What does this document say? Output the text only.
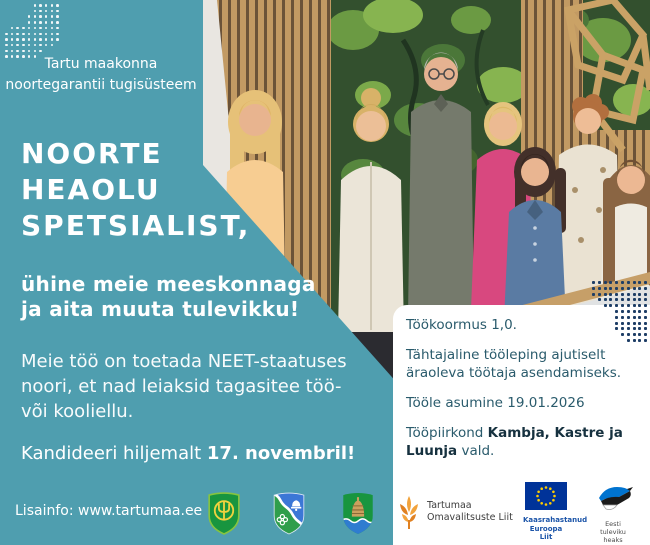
Tartu maakonna
noortegarantii tugisüsteem
NOORTE
HEAOLU
SPETSIALIST,
ühine meie meeskonnaga
ja aita muuta tulevikku!
Meie töö on toetada NEET-staatuses
noori, et nad leiaksid tagasitee töö-
või kooliellu.
Kandideeri hiljemalt 17. novembril!
Lisainfo: www.tartumaa.ee

Töökoormus 1,0.

Tähtajaline tööleping ajutiselt
äraoleva töötaja asendamiseks.

Tööle asumine 19.01.2026

Tööpiirkond Kambja, Kastre ja Luunja vald.

Tartumaa
Omavalitsuste Liit Kaasrahastanud
Euroopa Liit
Eesti
tuleviku heaks
